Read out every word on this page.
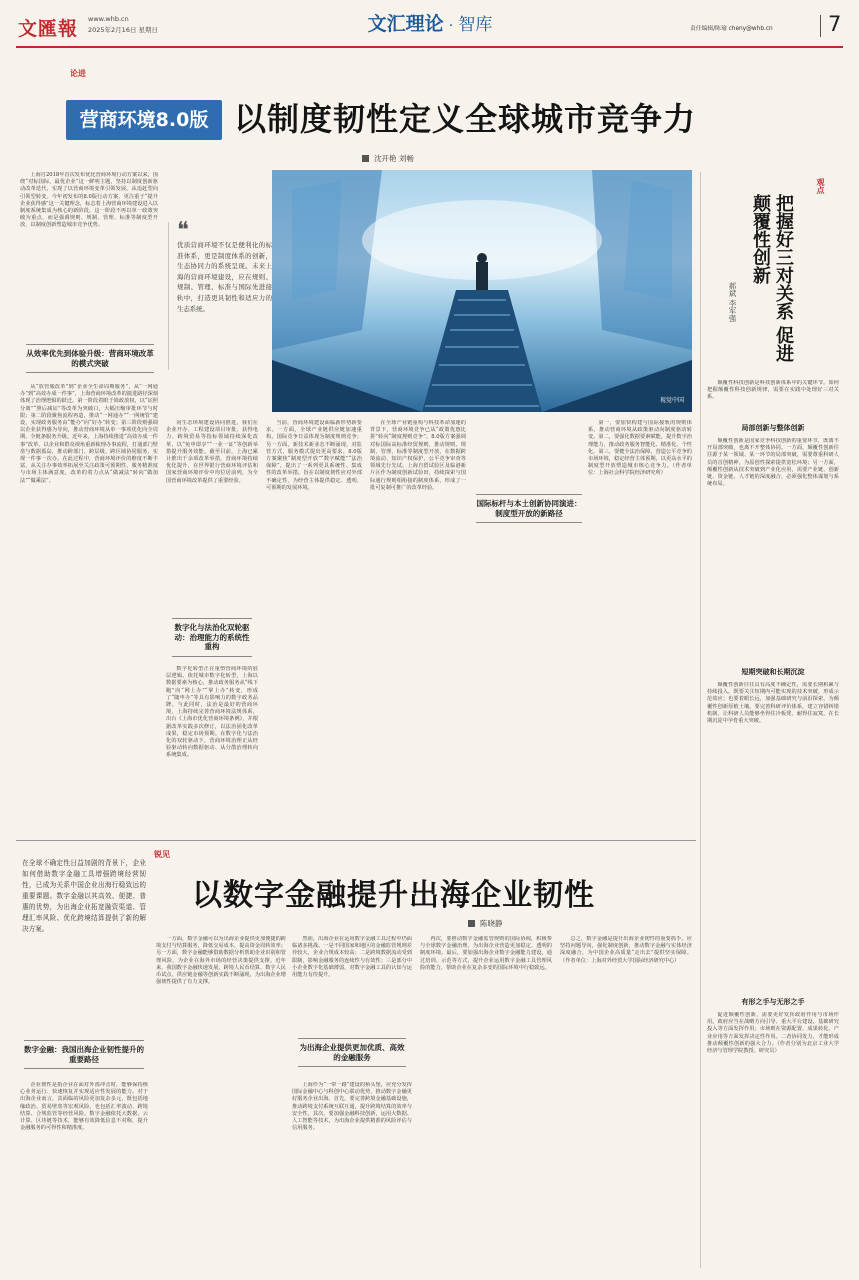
文匯報 www.whb.cn
2025年2月16日 星期日	文汇理论 · 智库	责任编辑/陈瑜 cheny@whb.cn	7
论进
营商环境8.0版 以制度韧性定义全球城市竞争力
沈开艳 刘畅

上海自2018年首次发布优化营商环境行动方案以来，围绕“对标国际，最优企业”这一鲜明主题，坚持以制度创新驱动改革迭代，实现了以营商环境变革引领发展，从追赶型向引领型转变。今年初发布的8.0版行动方案，更注重于“提升企业获得感”这一关键理念，标志着上海营商环境建设进入以制度系统集成为核心的新阶段。这一阶段不再以单一政策突破为重点，而是强调规则、规制、管理、标准等制度型开放，以制度创新塑造城市竞争优势。	❝
优质营商环境不仅是便利化的标准体系，更是制度体系的创新，生态协同力的系统呈现。未来上海的营商环境建设，应在规则、规制、管理、标准与国际先进接轨中，打造更具韧性和适应力的生态系统。
视觉中国
从效率优先到体验升级：营商环境改革的模式突破

从“放管服改革”到“企业全生命周期服务”，从“一网通办”到“高效办成一件事”，上海营商环境改革的演进路径深刻体现了治理逻辑的跃迁。第一阶段着眼于简政放权，以“证照分离”“照后减证”等改革为突破口，大幅压缩审批环节与时限；第二阶段聚焦流程再造，推动“一网通办”“一网统管”建设，实现政务服务由“能办”向“好办”转变；第三阶段则强调以企业获得感为导向，推动营商环境从单一事项优化向全周期、全链条服务升级。近年来，上海持续推进“高效办成一件事”改革，以企业和群众视角重新梳理办事流程，打通部门壁垒与数据孤岛，推动跨部门、跨层级、跨区域协同服务，实现一件事一次办。在此过程中，营商环境评价的维度不断丰富，从关注办事效率拓展至关注政策可预期性、服务精准度与市场主体满意度，改革的着力点从“做减法”转向“做加法”“做乘法”。

同生态环境建设协同推进。我们在企业开办、工程建设项目审批、获得电力、跨境贸易等指标领域持续深化改革，以“免申即享”“一业一证”等创新举措提升服务效能。截至目前，上海已累计推出千余项改革举措，营商环境持续优化提升，在世界银行营商环境评估和国家营商环境评价中均位居前列，为全国营商环境改革提供了重要经验。

数字化与法治化双轮驱动：治理能力的系统性重构

数字化转型正在重塑营商环境的底层逻辑。依托城市数字化转型，上海以数据要素为核心，推动政务服务从“线下跑”向“网上办”“掌上办”转变，形成了“随申办”等具有影响力的数字政务品牌。与此同时，法治是最好的营商环境，上海持续完善营商环境法规体系，出台《上海市优化营商环境条例》，并根据改革实践多次修订，以法治固化改革成果，稳定市场预期。在数字化与法治化的双轮驱动下，营商环境治理正从经验驱动转向数据驱动、从分散治理转向系统集成。

当前，营商环境建设面临新形势新要求。一方面，全球产业链供应链加速重构，国际竞争日益体现为制度规则竞争；另一方面，新技术新业态不断涌现，对监管方式、服务模式提出更高要求。8.0版方案聚焦“制度型开放”“数字赋能”“法治保障”，提出了一系列更具系统性、集成性的改革举措，旨在以制度韧性应对外部不确定性，为经营主体提供稳定、透明、可预期的发展环境。

在全球产业链重构与科技革命加速的背景下，营商环境竞争已从“政策优惠比拼”转向“制度规则竞争”。8.0版方案强调对标国际高标准经贸规则，推动规则、规制、管理、标准等制度型开放，在数据跨境流动、知识产权保护、公平竞争审查等领域先行先试。上海自贸试验区及临港新片区作为制度创新试验田，持续探索与国际通行规则相衔接的制度体系，形成了一批可复制可推广的改革经验。

国际标杆与本土创新协同演进：制度型开放的新路径

第一，要加快构建与国际接轨的规则体系，推动营商环境从政策驱动向制度驱动转变。第二，要强化数据要素赋能，提升数字治理能力，推动政务服务智能化、精准化、个性化。第三，要健全法治保障，营造公平竞争的市场环境，稳定经营主体预期，以更高水平的制度型开放塑造城市核心竞争力。（作者单位：上海社会科学院经济研究所）

观点
把握好三对关系 促进颠覆性创新
郝斌 李军强

颠覆性科技创新是科技创新体系中的关键环节。如何把握颠覆性科技创新规律，需要在实践中处理好三对关系。

局部创新与整体创新

颠覆性创新是国家竞争科技创新的重要环节，既离不开局部突破，也离不开整体协同。一方面，颠覆性创新往往源于某一领域、某一环节的局部突破，需要尊重科研人员的首创精神，为原创性探索提供宽松环境；另一方面，颠覆性创新从技术突破到产业化应用，需要产业链、创新链、资金链、人才链的深度融合，必须强化整体谋划与系统布局。

短期突破和长期沉淀

颠覆性创新往往具有高度不确定性，需要长期积累与持续投入。既要关注短期内可能实现的技术突破，形成示范效应；也要着眼长远，加强基础研究与前沿探索，为颠覆性创新厚植土壤。要完善科研评价体系，建立容错纠错机制，让科研人员能够坐得住冷板凳、耐得住寂寞，在长期沉淀中孕育重大突破。

有形之手与无形之手

促进颠覆性创新，需要更好发挥政府作用与市场作用。政府应当在战略方向引导、重大平台建设、基础研究投入等方面发挥作用；市场则在资源配置、成果转化、产业应用等方面发挥决定性作用。二者协同发力，才能形成推动颠覆性创新的强大合力。（作者分别为北京工业大学经济与管理学院教授、研究员）

锐见
以数字金融提升出海企业韧性
陈晓静
在全球不确定性日益加剧的背景下，企业如何借助数字金融工具增强跨境经营韧性，已成为关系中国企业出海行稳致远的重要课题。数字金融以其高效、便捷、普惠的优势，为出海企业拓宽融资渠道、管理汇率风险、优化跨境结算提供了新的解决方案。
数字金融：我国出海企业韧性提升的重要路径

企业韧性是指企业在面对外部冲击时，能够保持核心业务运行、快速恢复并实现适应性发展的能力。对于出海企业而言，其面临的风险更加复杂多元，既包括地缘政治、贸易壁垒等宏观风险，也包括汇率波动、跨境结算、合规监管等经营风险。数字金融依托大数据、云计算、区块链等技术，能够有效降低信息不对称，提升金融服务的可得性和精准度。

一方面，数字金融可以为出海企业提供更加便捷的跨境支付与结算服务，降低交易成本，提高资金周转效率；另一方面，数字金融能够借助数据分析帮助企业识别和管理风险，为企业在海外市场的经营决策提供支撑。近年来，我国数字金融快速发展，跨境人民币结算、数字人民币试点、供应链金融等创新实践不断涌现，为出海企业增强韧性提供了有力支撑。

然而，出海企业在运用数字金融工具过程中仍面临诸多挑战。一是不同国家和地区的金融监管规则差异较大，企业合规成本较高；二是跨境数据流动受到限制，影响金融服务的连续性与有效性；三是部分中小企业数字化基础薄弱，对数字金融工具的认知与运用能力有待提升。

为出海企业提供更加优质、高效的金融服务

上海作为“一带一路”建设的桥头堡，应充分发挥国际金融中心与科创中心联动优势，推动数字金融更好服务企业出海。首先，要完善跨境金融基础设施，推动跨境支付系统互联互通，提升跨境结算的效率与安全性。其次，要加强金融科技创新，运用大数据、人工智能等技术，为出海企业提供精准的风险评估与信用服务。

再次，要推动数字金融监管规则的国际协调，积极参与全球数字金融治理，为出海企业营造更加稳定、透明的制度环境。最后，要加强出海企业数字金融能力建设，通过培训、示范等方式，提升企业运用数字金融工具管理风险的能力，帮助企业在复杂多变的国际环境中行稳致远。

总之，数字金融是提升出海企业韧性的重要抓手。应坚持问题导向，强化制度创新，推动数字金融与实体经济深度融合，为中国企业高质量“走出去”提供坚实保障。（作者单位：上海对外经贸大学国际经济研究中心）
